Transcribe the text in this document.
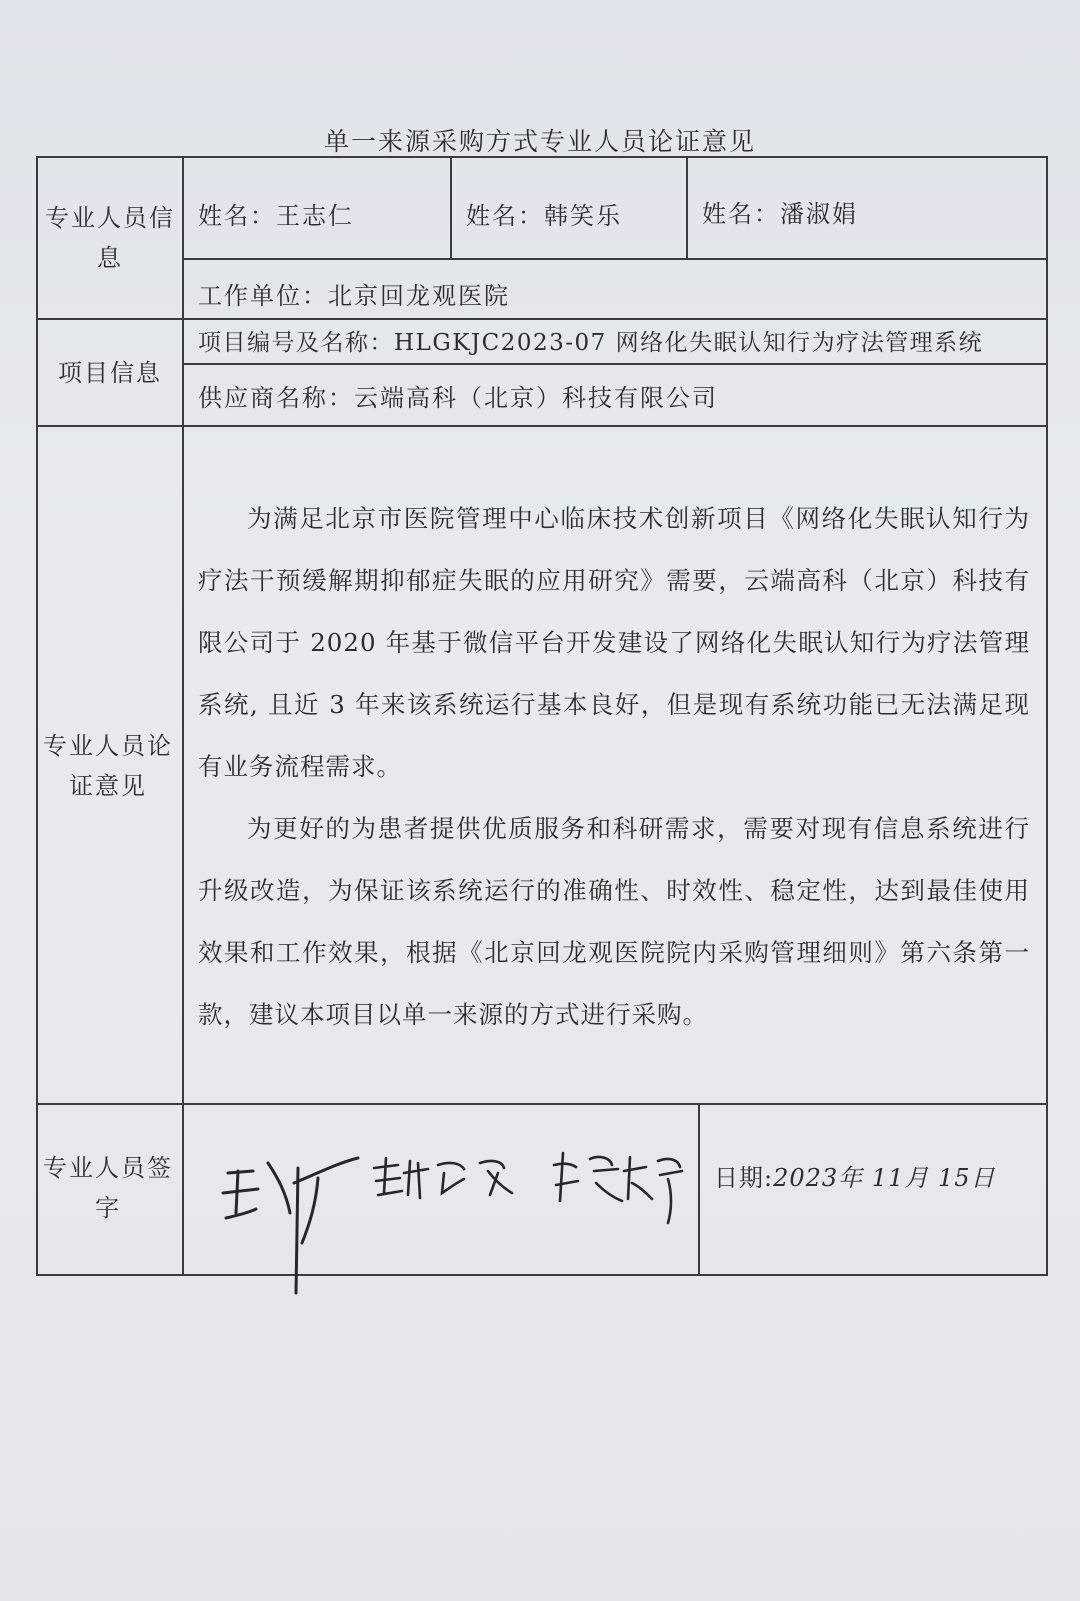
单一来源采购方式专业人员论证意见
专业人员信息
姓名：王志仁	姓名：韩笑乐	姓名：潘淑娟
工作单位：北京回龙观医院
项目信息
项目编号及名称：HLGKJC2023-07 网络化失眠认知行为疗法管理系统
供应商名称：云端高科（北京）科技有限公司
专业人员论证意见

为满足北京市医院管理中心临床技术创新项目《网络化失眠认知行为疗法干预缓解期抑郁症失眠的应用研究》需要，云端高科（北京）科技有限公司于 2020 年基于微信平台开发建设了网络化失眠认知行为疗法管理系统, 且近 3 年来该系统运行基本良好，但是现有系统功能已无法满足现有业务流程需求。

为更好的为患者提供优质服务和科研需求，需要对现有信息系统进行升级改造，为保证该系统运行的准确性、时效性、稳定性，达到最佳使用效果和工作效果，根据《北京回龙观医院院内采购管理细则》第六条第一款，建议本项目以单一来源的方式进行采购。

专业人员签字
日期:2023年 11月 15日
